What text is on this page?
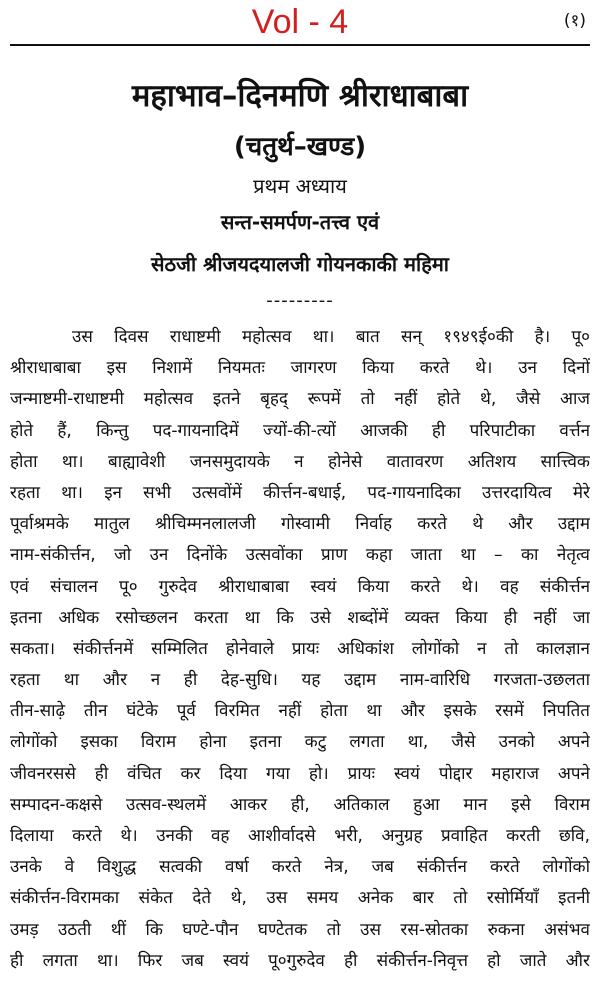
Vol - 4	(१)
महाभाव–दिनमणि श्रीराधाबाबा
(चतुर्थ–खण्ड)
प्रथम अध्याय
सन्त-समर्पण-तत्त्व एवं
सेठजी श्रीजयदयालजी गोयनकाकी महिमा
---------
उस दिवस राधाष्टमी महोत्सव था। बात सन् १९४९ई०की है। पू०
श्रीराधाबाबा इस निशामें नियमतः जागरण किया करते थे। उन दिनों
जन्माष्टमी-राधाष्टमी महोत्सव इतने बृहद् रूपमें तो नहीं होते थे, जैसे आज
होते हैं, किन्तु पद-गायनादिमें ज्यों-की-त्यों आजकी ही परिपाटीका वर्त्तन
होता था। बाह्यावेशी जनसमुदायके न होनेसे वातावरण अतिशय सात्त्विक
रहता था। इन सभी उत्सवोंमें कीर्त्तन-बधाई, पद-गायनादिका उत्तरदायित्व मेरे
पूर्वाश्रमके मातुल श्रीचिम्मनलालजी गोस्वामी निर्वाह करते थे और उद्दाम
नाम-संकीर्त्तन, जो उन दिनोंके उत्सवोंका प्राण कहा जाता था – का नेतृत्व
एवं संचालन पू० गुरुदेव श्रीराधाबाबा स्वयं किया करते थे। वह संकीर्त्तन
इतना अधिक रसोच्छलन करता था कि उसे शब्दोंमें व्यक्त किया ही नहीं जा
सकता। संकीर्त्तनमें सम्मिलित होनेवाले प्रायः अधिकांश लोगोंको न तो कालज्ञान
रहता था और न ही देह-सुधि। यह उद्दाम नाम-वारिधि गरजता-उछलता
तीन-साढ़े तीन घंटेके पूर्व विरमित नहीं होता था और इसके रसमें निपतित
लोगोंको इसका विराम होना इतना कटु लगता था, जैसे उनको अपने
जीवनरससे ही वंचित कर दिया गया हो। प्रायः स्वयं पोद्दार महाराज अपने
सम्पादन-कक्षसे उत्सव-स्थलमें आकर ही, अतिकाल हुआ मान इसे विराम
दिलाया करते थे। उनकी वह आशीर्वादसे भरी, अनुग्रह प्रवाहित करती छवि,
उनके वे विशुद्ध सत्वकी वर्षा करते नेत्र, जब संकीर्त्तन करते लोगोंको
संकीर्त्तन-विरामका संकेत देते थे, उस समय अनेक बार तो रसोर्मियाँ इतनी
उमड़ उठती थीं कि घण्टे-पौन घण्टेतक तो उस रस-स्रोतका रुकना असंभव
ही लगता था। फिर जब स्वयं पू०गुरुदेव ही संकीर्त्तन-निवृत्त हो जाते और
